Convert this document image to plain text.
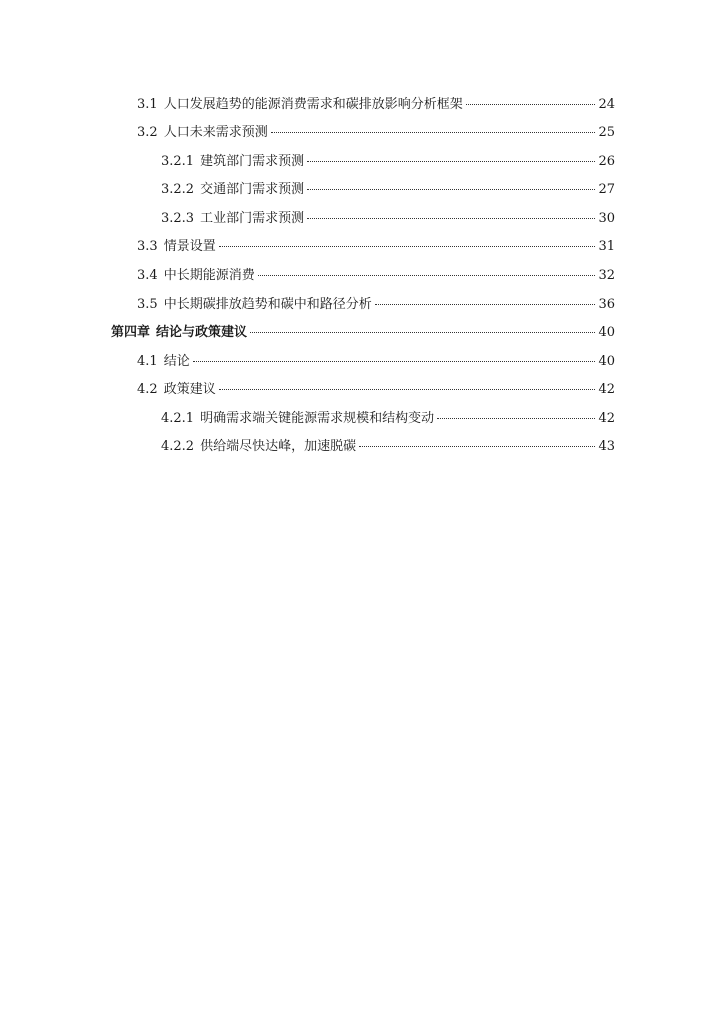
3.1 人口发展趋势的能源消费需求和碳排放影响分析框架	24
3.2 人口未来需求预测	25
3.2.1 建筑部门需求预测	26
3.2.2 交通部门需求预测	27
3.2.3 工业部门需求预测	30
3.3 情景设置	31
3.4 中长期能源消费	32
3.5 中长期碳排放趋势和碳中和路径分析	36
第四章 结论与政策建议	40
4.1 结论	40
4.2 政策建议	42
4.2.1 明确需求端关键能源需求规模和结构变动	42
4.2.2 供给端尽快达峰，加速脱碳	43
